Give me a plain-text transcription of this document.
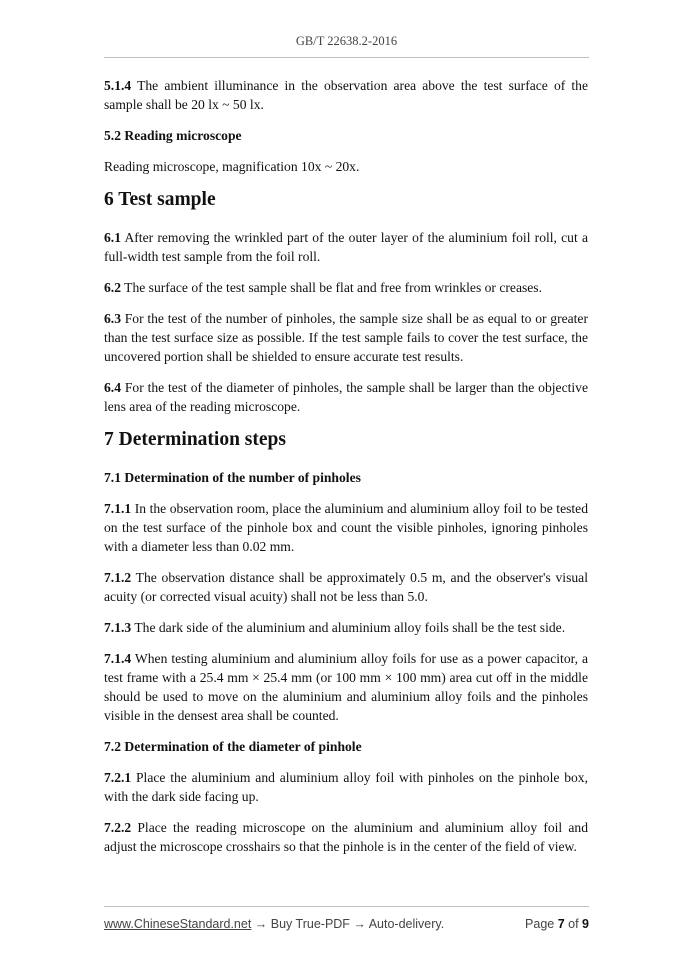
GB/T 22638.2-2016

5.1.4 The ambient illuminance in the observation area above the test surface of the sample shall be 20 lx ~ 50 lx.

5.2 Reading microscope

Reading microscope, magnification 10x ~ 20x.

6 Test sample

6.1 After removing the wrinkled part of the outer layer of the aluminium foil roll, cut a full-width test sample from the foil roll.

6.2 The surface of the test sample shall be flat and free from wrinkles or creases.

6.3 For the test of the number of pinholes, the sample size shall be as equal to or greater than the test surface size as possible. If the test sample fails to cover the test surface, the uncovered portion shall be shielded to ensure accurate test results.

6.4 For the test of the diameter of pinholes, the sample shall be larger than the objective lens area of the reading microscope.

7 Determination steps

7.1 Determination of the number of pinholes

7.1.1 In the observation room, place the aluminium and aluminium alloy foil to be tested on the test surface of the pinhole box and count the visible pinholes, ignoring pinholes with a diameter less than 0.02 mm.

7.1.2 The observation distance shall be approximately 0.5 m, and the observer's visual acuity (or corrected visual acuity) shall not be less than 5.0.

7.1.3 The dark side of the aluminium and aluminium alloy foils shall be the test side.

7.1.4 When testing aluminium and aluminium alloy foils for use as a power capacitor, a test frame with a 25.4 mm × 25.4 mm (or 100 mm × 100 mm) area cut off in the middle should be used to move on the aluminium and aluminium alloy foils and the pinholes visible in the densest area shall be counted.

7.2 Determination of the diameter of pinhole

7.2.1 Place the aluminium and aluminium alloy foil with pinholes on the pinhole box, with the dark side facing up.

7.2.2 Place the reading microscope on the aluminium and aluminium alloy foil and adjust the microscope crosshairs so that the pinhole is in the center of the field of view.

www.ChineseStandard.net → Buy True-PDF → Auto-delivery.	Page 7 of 9
